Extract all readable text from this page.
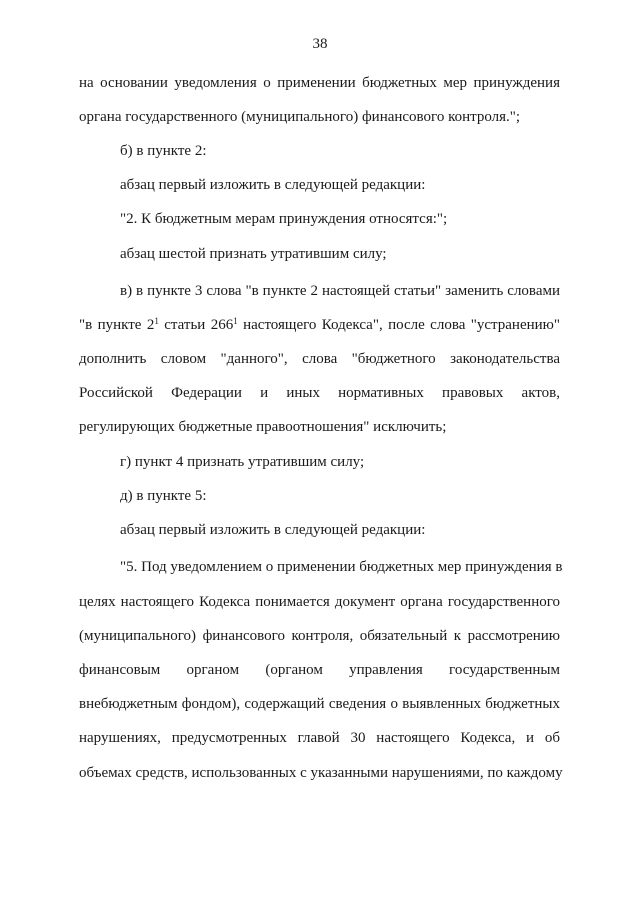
38
на основании уведомления о применении бюджетных мер принуждения
органа государственного (муниципального) финансового контроля.";
б) в пункте 2:
абзац первый изложить в следующей редакции:
"2. К бюджетным мерам принуждения относятся:";
абзац шестой признать утратившим силу;
в) в пункте 3 слова "в пункте 2 настоящей статьи" заменить словами
"в пункте $2^1$ статьи $266^1$ настоящего Кодекса", после слова "устранению"
дополнить словом "данного", слова "бюджетного законодательства
Российской Федерации и иных нормативных правовых актов,
регулирующих бюджетные правоотношения" исключить;
г) пункт 4 признать утратившим силу;
д) в пункте 5:
абзац первый изложить в следующей редакции:
"5. Под уведомлением о применении бюджетных мер принуждения в
целях настоящего Кодекса понимается документ органа государственного
(муниципального) финансового контроля, обязательный к рассмотрению
финансовым органом (органом управления государственным
внебюджетным фондом), содержащий сведения о выявленных бюджетных
нарушениях, предусмотренных главой 30 настоящего Кодекса, и об
объемах средств, использованных с указанными нарушениями, по каждому
